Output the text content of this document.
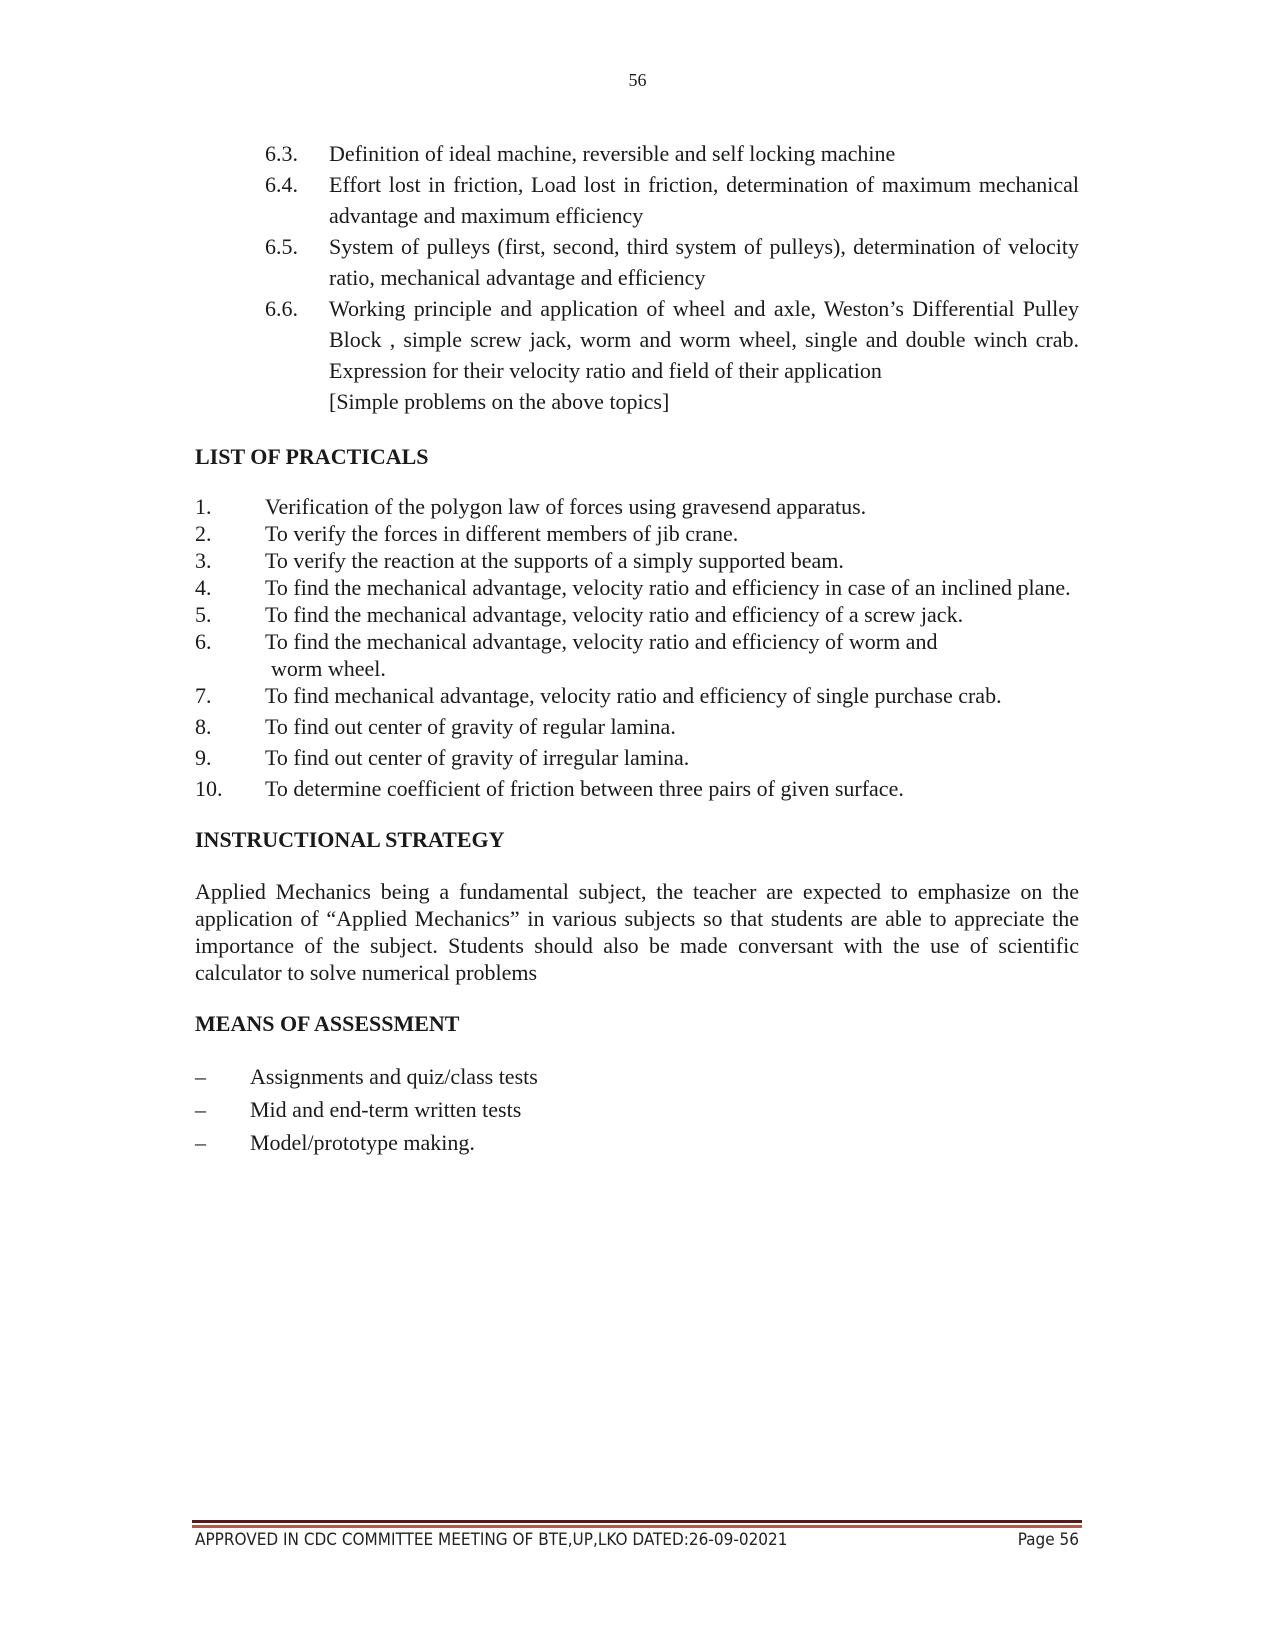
56
6.3.	Definition of ideal machine, reversible and self locking machine
6.4.	Effort lost in friction, Load lost in friction, determination of maximum mechanical advantage and maximum efficiency
6.5.	System of pulleys (first, second, third system of pulleys), determination of velocity ratio, mechanical advantage and efficiency
6.6.	Working principle and application of wheel and axle, Weston’s Differential Pulley Block , simple screw jack, worm and worm wheel, single and double winch crab. Expression for their velocity ratio and field of their application
[Simple problems on the above topics]

LIST OF PRACTICALS

1.	Verification of the polygon law of forces using gravesend apparatus.
2.	To verify the forces in different members of jib crane.
3.	To verify the reaction at the supports of a simply supported beam.
4.	To find the mechanical advantage, velocity ratio and efficiency in case of an inclined plane.
5.	To find the mechanical advantage, velocity ratio and efficiency of a screw jack.
6.	To find the mechanical advantage, velocity ratio and efficiency of worm and
worm wheel.
7.	To find mechanical advantage, velocity ratio and efficiency of single purchase crab.
8.	To find out center of gravity of regular lamina.
9.	To find out center of gravity of irregular lamina.
10.	To determine coefficient of friction between three pairs of given surface.

INSTRUCTIONAL STRATEGY

Applied Mechanics being a fundamental subject, the teacher are expected to emphasize on the application of “Applied Mechanics” in various subjects so that students are able to appreciate the importance of the subject. Students should also be made conversant with the use of scientific calculator to solve numerical problems

MEANS OF ASSESSMENT

–	Assignments and quiz/class tests
–	Mid and end-term written tests
–	Model/prototype making.
APPROVED IN CDC COMMITTEE MEETING OF BTE,UP,LKO DATED:26-09-02021	Page 56
